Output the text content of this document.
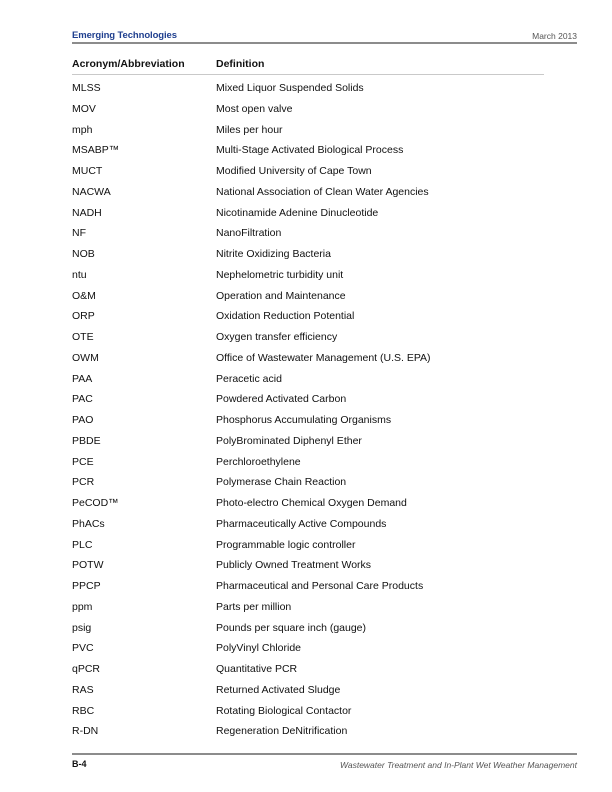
Emerging Technologies	March 2013
Acronym/Abbreviation	Definition
MLSS	Mixed Liquor Suspended Solids
MOV	Most open valve
mph	Miles per hour
MSABP™	Multi-Stage Activated Biological Process
MUCT	Modified University of Cape Town
NACWA	National Association of Clean Water Agencies
NADH	Nicotinamide Adenine Dinucleotide
NF	NanoFiltration
NOB	Nitrite Oxidizing Bacteria
ntu	Nephelometric turbidity unit
O&M	Operation and Maintenance
ORP	Oxidation Reduction Potential
OTE	Oxygen transfer efficiency
OWM	Office of Wastewater Management (U.S. EPA)
PAA	Peracetic acid
PAC	Powdered Activated Carbon
PAO	Phosphorus Accumulating Organisms
PBDE	PolyBrominated Diphenyl Ether
PCE	Perchloroethylene
PCR	Polymerase Chain Reaction
PeCOD™	Photo-electro Chemical Oxygen Demand
PhACs	Pharmaceutically Active Compounds
PLC	Programmable logic controller
POTW	Publicly Owned Treatment Works
PPCP	Pharmaceutical and Personal Care Products
ppm	Parts per million
psig	Pounds per square inch (gauge)
PVC	PolyVinyl Chloride
qPCR	Quantitative PCR
RAS	Returned Activated Sludge
RBC	Rotating Biological Contactor
R-DN	Regeneration DeNitrification
B-4	Wastewater Treatment and In-Plant Wet Weather Management
